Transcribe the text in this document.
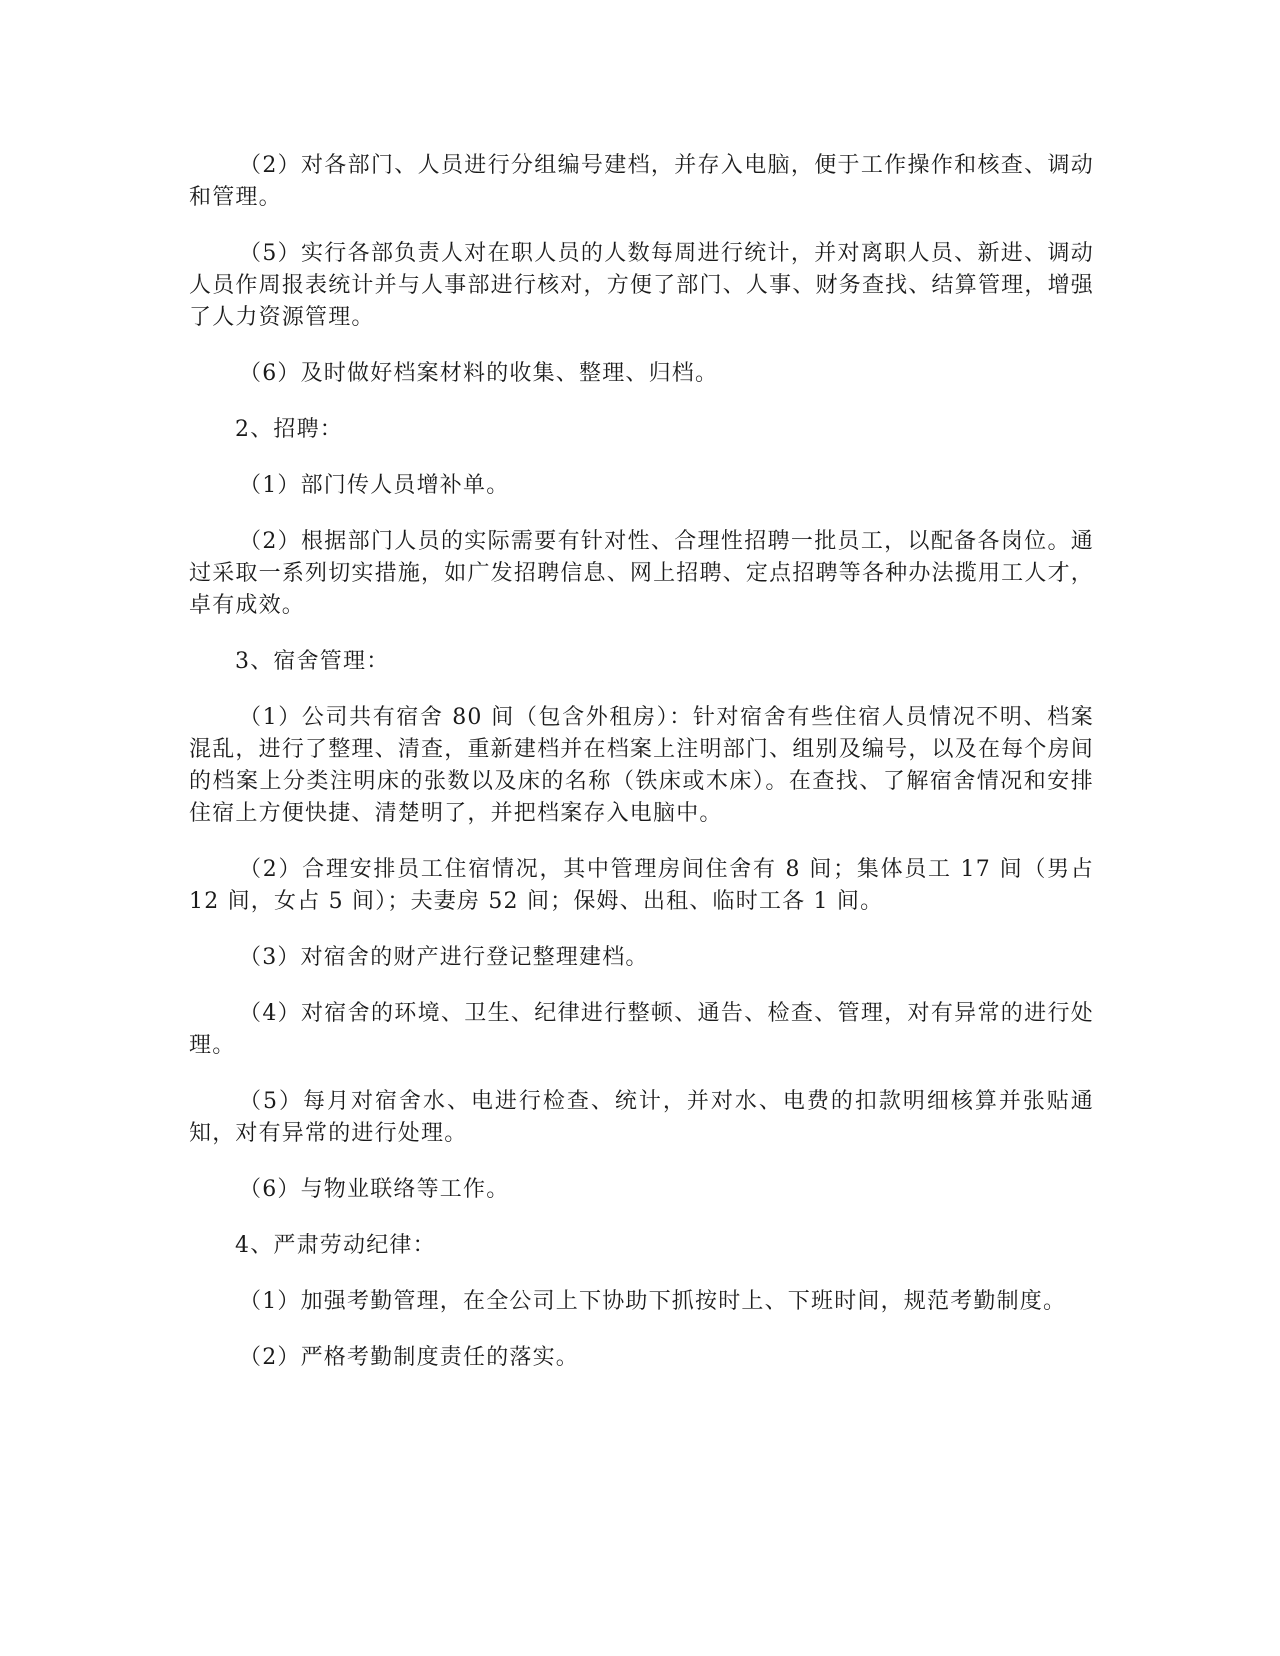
（2）对各部门、人员进行分组编号建档，并存入电脑，便于工作操作和核查、调动和管理。

（5）实行各部负责人对在职人员的人数每周进行统计，并对离职人员、新进、调动人员作周报表统计并与人事部进行核对，方便了部门、人事、财务查找、结算管理，增强了人力资源管理。

（6）及时做好档案材料的收集、整理、归档。

2、招聘：

（1）部门传人员增补单。

（2）根据部门人员的实际需要有针对性、合理性招聘一批员工，以配备各岗位。通过采取一系列切实措施，如广发招聘信息、网上招聘、定点招聘等各种办法揽用工人才，卓有成效。

3、宿舍管理：

（1）公司共有宿舍 80 间（包含外租房）：针对宿舍有些住宿人员情况不明、档案混乱，进行了整理、清查，重新建档并在档案上注明部门、组别及编号，以及在每个房间的档案上分类注明床的张数以及床的名称（铁床或木床）。在查找、了解宿舍情况和安排住宿上方便快捷、清楚明了，并把档案存入电脑中。

（2）合理安排员工住宿情况，其中管理房间住舍有 8 间；集体员工 17 间（男占 12 间，女占 5 间）；夫妻房 52 间；保姆、出租、临时工各 1 间。

（3）对宿舍的财产进行登记整理建档。

（4）对宿舍的环境、卫生、纪律进行整顿、通告、检查、管理，对有异常的进行处理。

（5）每月对宿舍水、电进行检查、统计，并对水、电费的扣款明细核算并张贴通知，对有异常的进行处理。

（6）与物业联络等工作。

4、严肃劳动纪律：

（1）加强考勤管理，在全公司上下协助下抓按时上、下班时间，规范考勤制度。

（2）严格考勤制度责任的落实。
